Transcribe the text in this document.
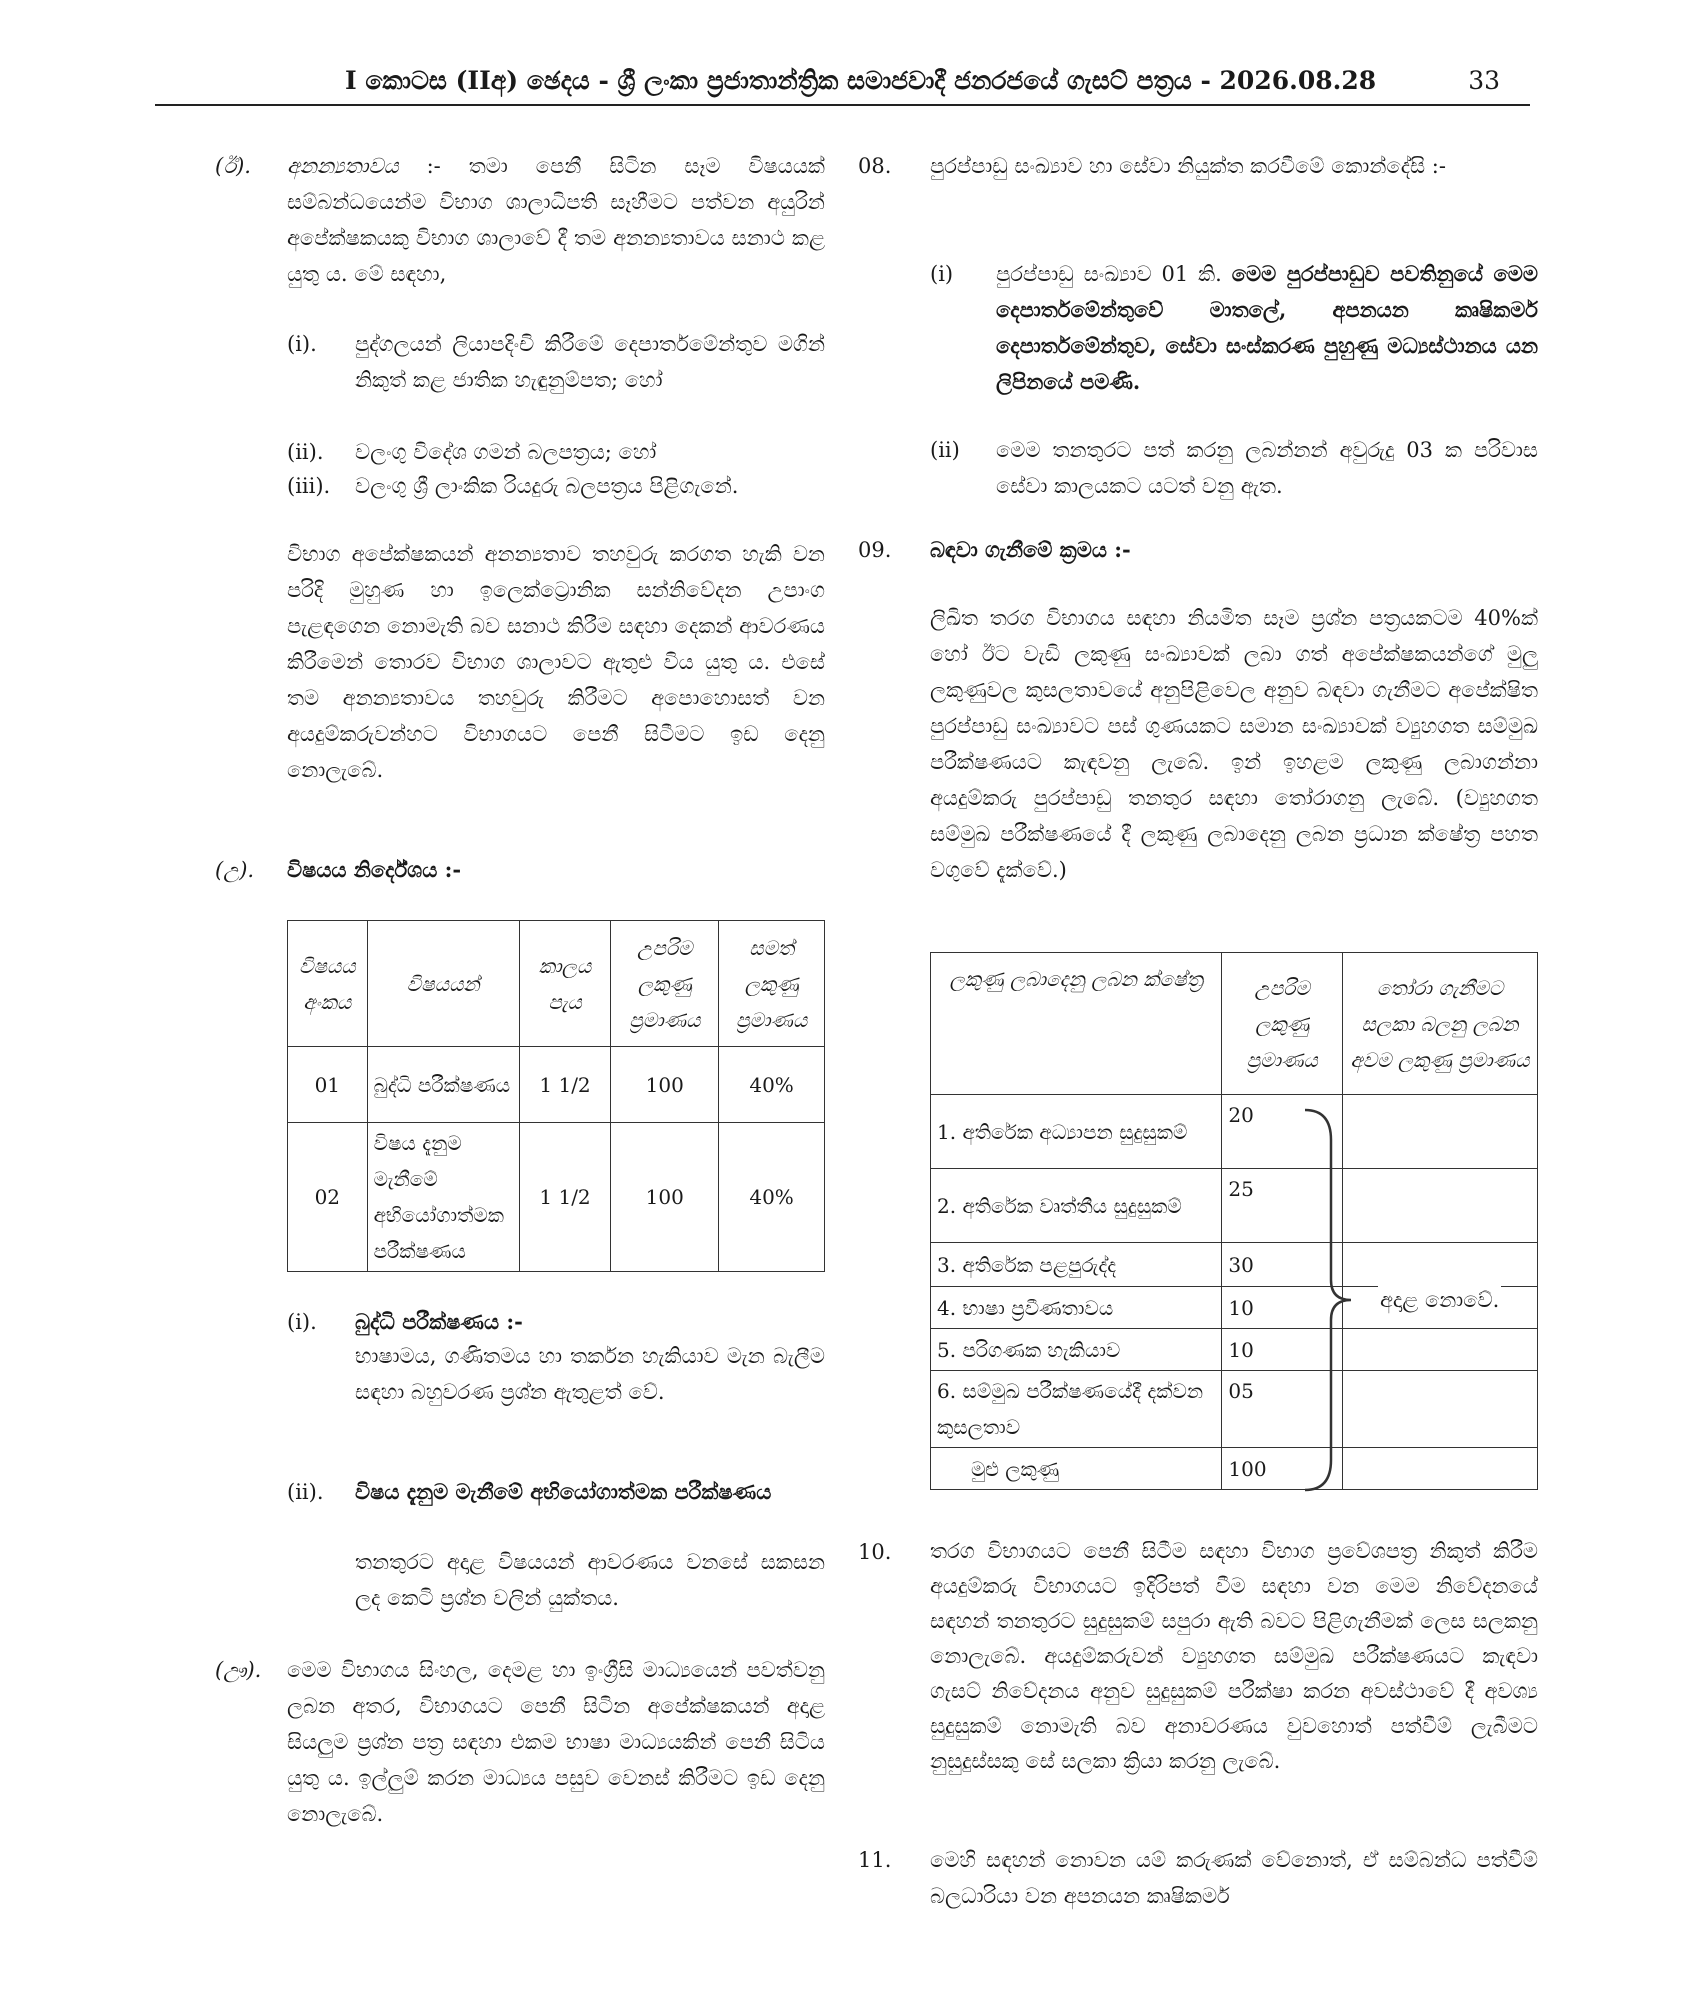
I කොටස (IIඅ) ඡෙදය - ශ්‍රී ලංකා ප්‍රජාතාන්ත්‍රික සමාජවාදී ජනරජයේ ගැසට් පත්‍රය - 2026.08.28	33
(ඊ). අනන්‍යතාවය :- තමා පෙනී සිටින සෑම විෂයයක් සම්බන්ධයෙන්ම විභාග ශාලාධිපති සෑහීමට පත්වන අයුරින් අපේක්ෂකයකු විභාග ශාලාවේ දී තම අනන්‍යතාවය සනාථ කළ යුතු ය. මේ සඳහා,
(i). පුද්ගලයන් ලියාපදිංචි කිරීමේ දෙපාර්තමේන්තුව මගින් නිකුත් කළ ජාතික හැඳුනුම්පත; හෝ
(ii). වලංගු විදේශ ගමන් බලපත්‍රය; හෝ
(iii). වලංගු ශ්‍රී ලාංකික රියදුරු බලපත්‍රය පිළිගැනේ.
විභාග අපේක්ෂකයන් අනන්‍යතාව තහවුරු කරගත හැකි වන පරිදි මුහුණ හා ඉලෙක්ට්‍රොනික සන්නිවේදන උපාංග පැළඳගෙන නොමැති බව සනාථ කිරීම සඳහා දෙකන් ආවරණය කිරීමෙන් තොරව විභාග ශාලාවට ඇතුළු විය යුතු ය. එසේ තම අනන්‍යතාවය තහවුරු කිරීමට අපොහොසත් වන අයදුම්කරුවන්හට විභාගයට පෙනී සිටීමට ඉඩ දෙනු නොලැබේ.
(උ). විෂයය නිර්දේශය :-
විෂයය අංකය	විෂයයන්	කාලය පැය	උපරිම ලකුණු ප්‍රමාණය	සමත් ලකුණු ප්‍රමාණය
01	බුද්ධි පරීක්ෂණය	1 1/2	100	40%
02	විෂය දැනුම මැනීමේ අභියෝගාත්මක පරීක්ෂණය	1 1/2	100	40%
(i). බුද්ධි පරීක්ෂණය :-
භාෂාමය, ගණිතමය හා තර්කන හැකියාව මැන බැලීම සඳහා බහුවරණ ප්‍රශ්න ඇතුළත් වේ.
(ii). විෂය දැනුම මැනීමේ අභියෝගාත්මක පරීක්ෂණය
තනතුරට අදාළ විෂයයන් ආවරණය වනසේ සකසන ලද කෙටි ප්‍රශ්න වලින් යුක්තය.
(ඌ). මෙම විභාගය සිංහල, දෙමළ හා ඉංග්‍රීසි මාධ්‍යයෙන් පවත්වනු ලබන අතර, විභාගයට පෙනී සිටින අපේක්ෂකයන් අදාළ සියලුම ප්‍රශ්න පත්‍ර සඳහා එකම භාෂා මාධ්‍යයකින් පෙනී සිටිය යුතු ය. ඉල්ලුම් කරන මාධ්‍යය පසුව වෙනස් කිරීමට ඉඩ දෙනු නොලැබේ.
08. පුරප්පාඩු සංඛ්‍යාව හා සේවා නියුක්ත කරවීමේ කොන්දේසි :-
(i) පුරප්පාඩු සංඛ්‍යාව 01 කි. මෙම පුරප්පාඩුව පවතිනුයේ මෙම දෙපාර්තමේන්තුවේ මාතලේ, අපනයන කෘෂිකර්ම දෙපාර්තමේන්තුව, සේවා සංස්කරණ පුහුණු මධ්‍යස්ථානය යන ලිපිනයේ පමණි.
(ii) මෙම තනතුරට පත් කරනු ලබන්නන් අවුරුදු 03 ක පරිවාස සේවා කාලයකට යටත් වනු ඇත.
09. බඳවා ගැනීමේ ක්‍රමය :-
ලිඛිත තරග විභාගය සඳහා නියමිත සෑම ප්‍රශ්න පත්‍රයකටම 40%ක් හෝ ඊට වැඩි ලකුණු සංඛ්‍යාවක් ලබා ගත් අපේක්ෂකයන්ගේ මුලු ලකුණුවල කුසලතාවයේ අනුපිළිවෙල අනුව බඳවා ගැනීමට අපේක්ෂිත පුරප්පාඩු සංඛ්‍යාවට පස් ගුණයකට සමාන සංඛ්‍යාවක් ව්‍යුහගත සම්මුඛ පරීක්ෂණයට කැඳවනු ලැබේ. ඉන් ඉහළම ලකුණු ලබාගන්නා අයදුම්කරු පුරප්පාඩු තනතුර සඳහා තෝරාගනු ලැබේ. (ව්‍යුහගත සම්මුඛ පරීක්ෂණයේ දී ලකුණු ලබාදෙනු ලබන ප්‍රධාන ක්ෂේත්‍ර පහත වගුවේ දැක්වේ.)
ලකුණු ලබාදෙනු ලබන ක්ෂේත්‍ර	උපරිම ලකුණු ප්‍රමාණය	තෝරා ගැනීමට සලකා බලනු ලබන අවම ලකුණු ප්‍රමාණය
1. අතිරේක අධ්‍යාපන සුදුසුකම්	20	
2. අතිරේක වෘත්තීය සුදුසුකම්	25	
3. අතිරේක පළපුරුද්ද	30	
4. භාෂා ප්‍රවීණතාවය	10	
5. පරිගණක හැකියාව	10	
6. සම්මුඛ පරීක්ෂණයේදී දක්වන කුසලතාව	05	
මුළු ලකුණු	100	
අදාළ නොවේ.
10. තරග විභාගයට පෙනී සිටීම සඳහා විභාග ප්‍රවේශපත්‍ර නිකුත් කිරීම අයදුම්කරු විභාගයට ඉදිරිපත් වීම සඳහා වන මෙම නිවේදනයේ සඳහන් තනතුරට සුදුසුකම් සපුරා ඇති බවට පිළිගැනීමක් ලෙස සලකනු නොලැබේ. අයදුම්කරුවන් ව්‍යුහගත සම්මුඛ පරීක්ෂණයට කැඳවා ගැසට් නිවේදනය අනුව සුදුසුකම් පරීක්ෂා කරන අවස්ථාවේ දී අවශ්‍ය සුදුසුකම් නොමැති බව අනාවරණය වුවහොත් පත්වීම් ලැබීමට නුසුදුස්සකු සේ සලකා ක්‍රියා කරනු ලැබේ.
11. මෙහි සඳහන් නොවන යම් කරුණක් වේනොත්, ඒ සම්බන්ධ පත්වීම් බලධාරියා වන අපනයන කෘෂිකර්ම
